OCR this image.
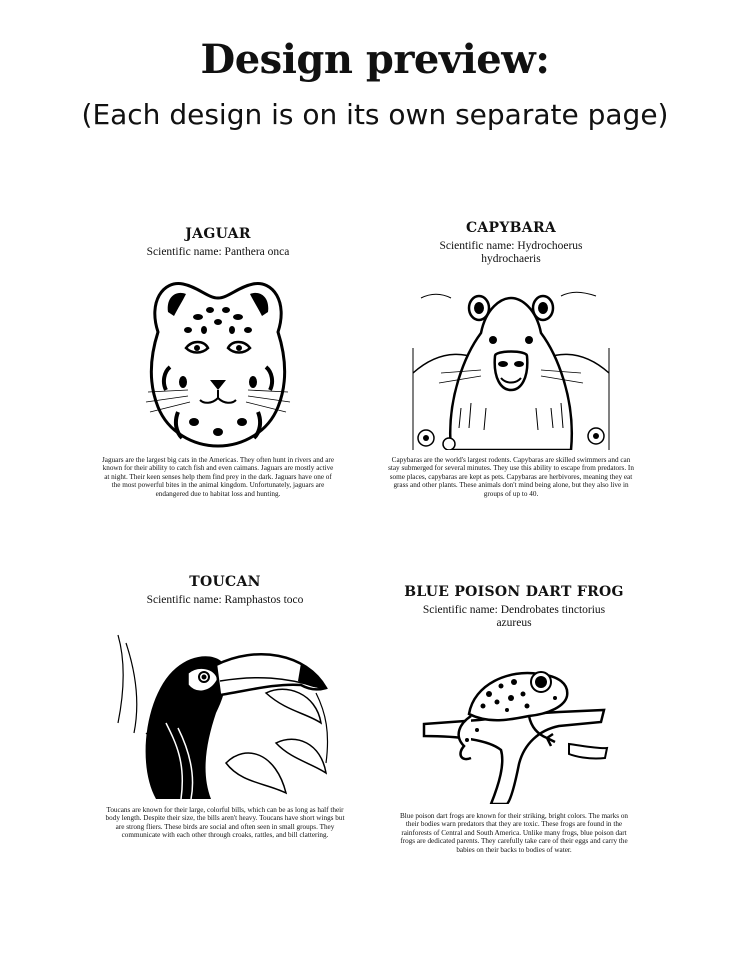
Design preview:
(Each design is on its own separate page)
JAGUAR
Scientific name: Panthera onca

Jaguars are the largest big cats in the Americas. They often hunt in rivers and are known for their ability to catch fish and even caimans. Jaguars are mostly active at night. Their keen senses help them find prey in the dark. Jaguars have one of the most powerful bites in the animal kingdom. Unfortunately, jaguars are endangered due to habitat loss and hunting.

CAPYBARA
Scientific name: Hydrochoerus hydrochaeris

Capybaras are the world's largest rodents. Capybaras are skilled swimmers and can stay submerged for several minutes. They use this ability to escape from predators. In some places, capybaras are kept as pets. Capybaras are herbivores, meaning they eat grass and other plants. These animals don't mind being alone, but they also live in groups of up to 40.

TOUCAN
Scientific name: Ramphastos toco

Toucans are known for their large, colorful bills, which can be as long as half their body length. Despite their size, the bills aren't heavy. Toucans have short wings but are strong fliers. These birds are social and often seen in small groups. They communicate with each other through croaks, rattles, and bill clattering.

BLUE POISON DART FROG
Scientific name: Dendrobates tinctorius azureus

Blue poison dart frogs are known for their striking, bright colors. The marks on their bodies warn predators that they are toxic. These frogs are found in the rainforests of Central and South America. Unlike many frogs, blue poison dart frogs are dedicated parents. They carefully take care of their eggs and carry the babies on their backs to bodies of water.
